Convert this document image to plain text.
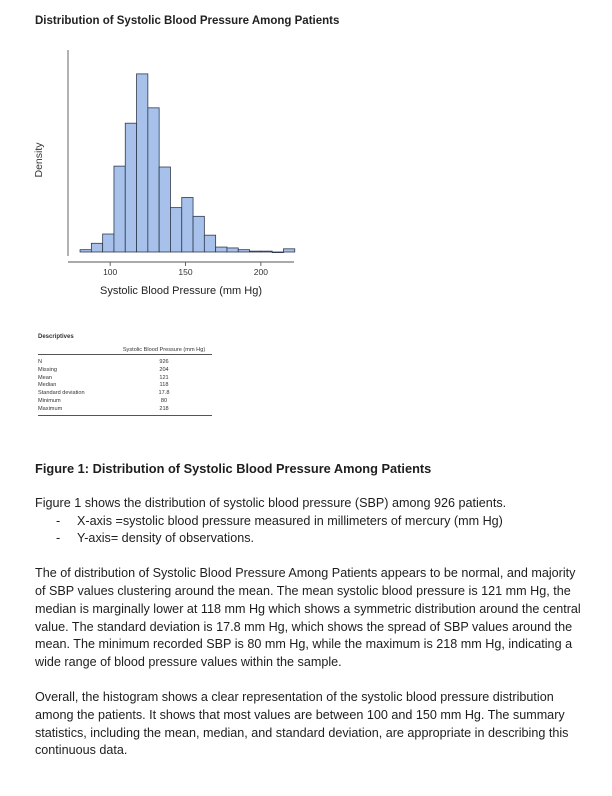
Distribution of Systolic Blood Pressure Among Patients
100	150	200
Density
Systolic Blood Pressure (mm Hg)
Descriptives
	Systolic Blood Pressure (mm Hg)
N	926
Missing	204
Mean	121
Median	118
Standard deviation	17.8
Minimum	80
Maximum	218
Figure 1: Distribution of Systolic Blood Pressure Among Patients

Figure 1 shows the distribution of systolic blood pressure (SBP) among 926 patients.

- X-axis =systolic blood pressure measured in millimeters of mercury (mm Hg)
- Y-axis= density of observations.

The of distribution of Systolic Blood Pressure Among Patients appears to be normal, and majority of SBP values clustering around the mean. The mean systolic blood pressure is 121 mm Hg, the median is marginally lower at 118 mm Hg which shows a symmetric distribution around the central value. The standard deviation is 17.8 mm Hg, which shows the spread of SBP values around the mean. The minimum recorded SBP is 80 mm Hg, while the maximum is 218 mm Hg, indicating a wide range of blood pressure values within the sample.

Overall, the histogram shows a clear representation of the systolic blood pressure distribution among the patients. It shows that most values are between 100 and 150 mm Hg. The summary statistics, including the mean, median, and standard deviation, are appropriate in describing this continuous data.
